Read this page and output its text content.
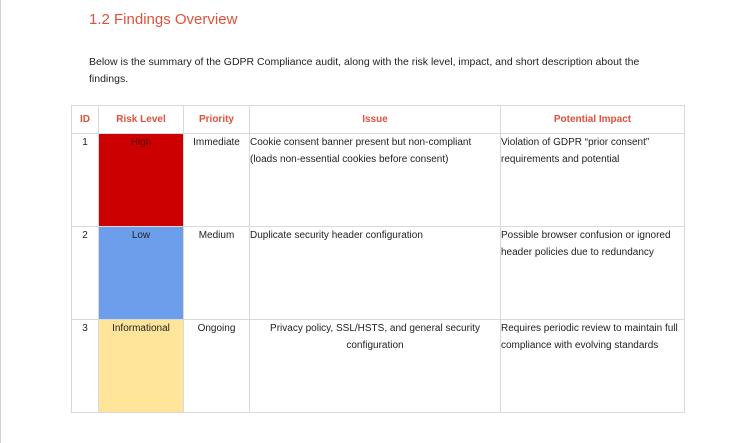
1.2 Findings Overview

Below is the summary of the GDPR Compliance audit, along with the risk level, impact, and short description about the findings.

ID	Risk Level	Priority	Issue	Potential Impact
1	High	Immediate	Cookie consent banner present but non-compliant (loads non-essential cookies before consent)	Violation of GDPR “prior consent” requirements and potential
2	Low	Medium	Duplicate security header configuration	Possible browser confusion or ignored header policies due to redundancy
3	Informational	Ongoing	Privacy policy, SSL/HSTS, and general security configuration	Requires periodic review to maintain full compliance with evolving standards
